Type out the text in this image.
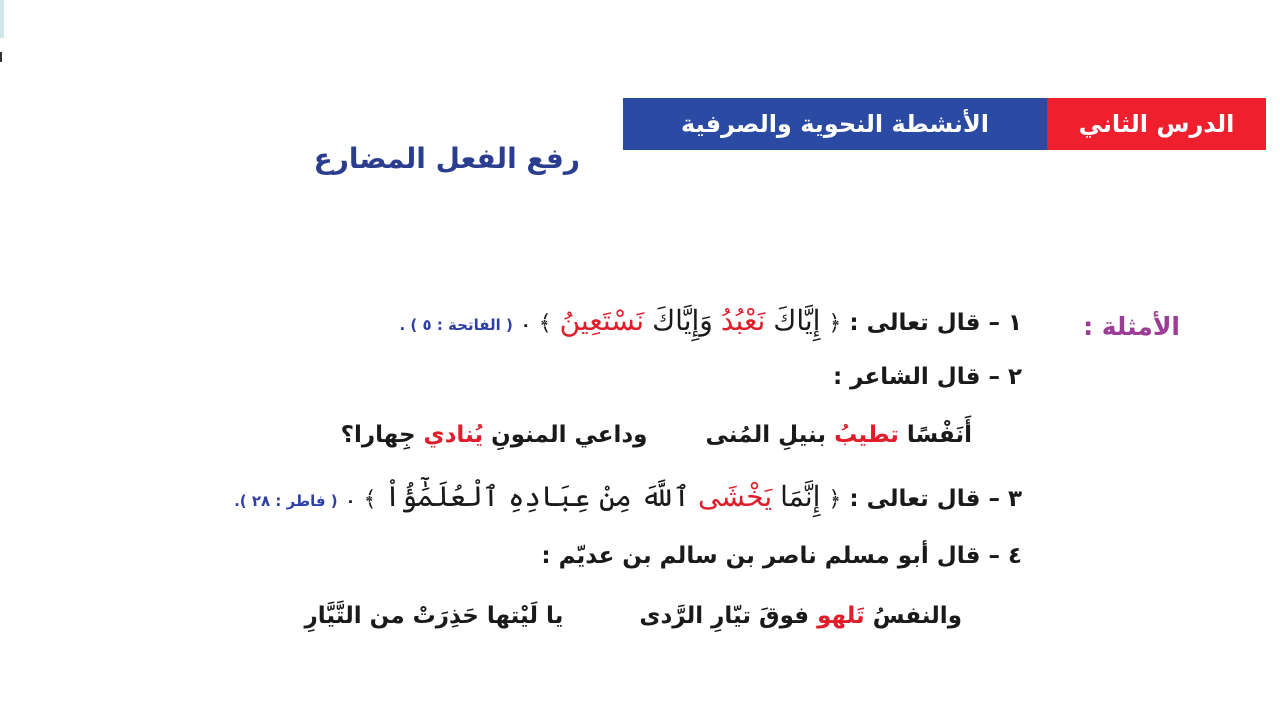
الأنشطة النحوية والصرفية	الدرس الثاني
رفع الفعل المضارع
الأمثلة :
١ – قال تعالى : ﴿ إِيَّاكَ نَعْبُدُ وَإِيَّاكَ نَسْتَعِينُ ﴾ ٠ ( الفاتحة : ٥ ) .
٢ – قال الشاعر :
أَنَفْسًا تطيبُ بنيلِ المُنى  وداعي المنونِ يُنادي جِهارا؟
٣ – قال تعالى : ﴿ إِنَّمَا يَخْشَى ٱللَّهَ مِنْ عِبَادِهِ ٱلْعُلَمَٰٓؤُاْ ﴾ ٠ ( فاطر : ٢٨ ).
٤ – قال أبو مسلم ناصر بن سالم بن عديّم :
والنفسُ تَلهو فوقَ تيّارِ الرَّدى  يا لَيْتها حَذِرَتْ من التَّيَّارِ
